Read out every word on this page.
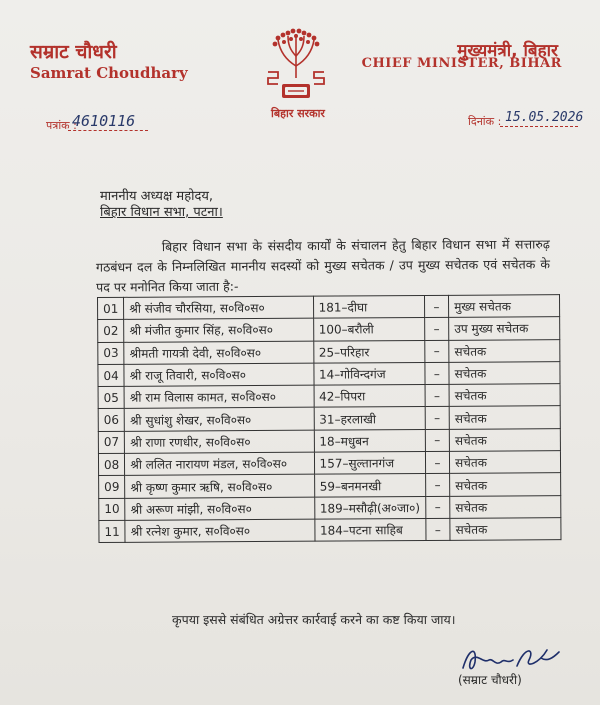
सम्राट चौधरी
Samrat Choudhary
बिहार सरकार
मुख्यमंत्री, बिहार
CHIEF MINISTER, BIHAR
पत्रांक :
4610116	दिनांक : 15.05.2026
माननीय अध्यक्ष महोदय,
बिहार विधान सभा, पटना।
बिहार विधान सभा के संसदीय कार्यों के संचालन हेतु बिहार विधान सभा में सत्तारुढ़ गठबंधन दल के निम्नलिखित माननीय सदस्यों को मुख्य सचेतक / उप मुख्य सचेतक एवं सचेतक के पद पर मनोनित किया जाता है:-
01	श्री संजीव चौरसिया, स०वि०स०	181–दीघा	–	मुख्य सचेतक
02	श्री मंजीत कुमार सिंह, स०वि०स०	100–बरौली	–	उप मुख्य सचेतक
03	श्रीमती गायत्री देवी, स०वि०स०	25–परिहार	–	सचेतक
04	श्री राजू तिवारी, स०वि०स०	14–गोविन्दगंज	–	सचेतक
05	श्री राम विलास कामत, स०वि०स०	42–पिपरा	–	सचेतक
06	श्री सुधांशु शेखर, स०वि०स०	31–हरलाखी	–	सचेतक
07	श्री राणा रणधीर, स०वि०स०	18–मधुबन	–	सचेतक
08	श्री ललित नारायण मंडल, स०वि०स०	157–सुल्तानगंज	–	सचेतक
09	श्री कृष्ण कुमार ऋषि, स०वि०स०	59–बनमनखी	–	सचेतक
10	श्री अरूण मांझी, स०वि०स०	189–मसौढ़ी(अ०जा०)	–	सचेतक
11	श्री रत्नेश कुमार, स०वि०स०	184–पटना साहिब	–	सचेतक
कृपया इससे संबंधित अग्रेत्तर कार्रवाई करने का कष्ट किया जाय।
(सम्राट चौधरी)
